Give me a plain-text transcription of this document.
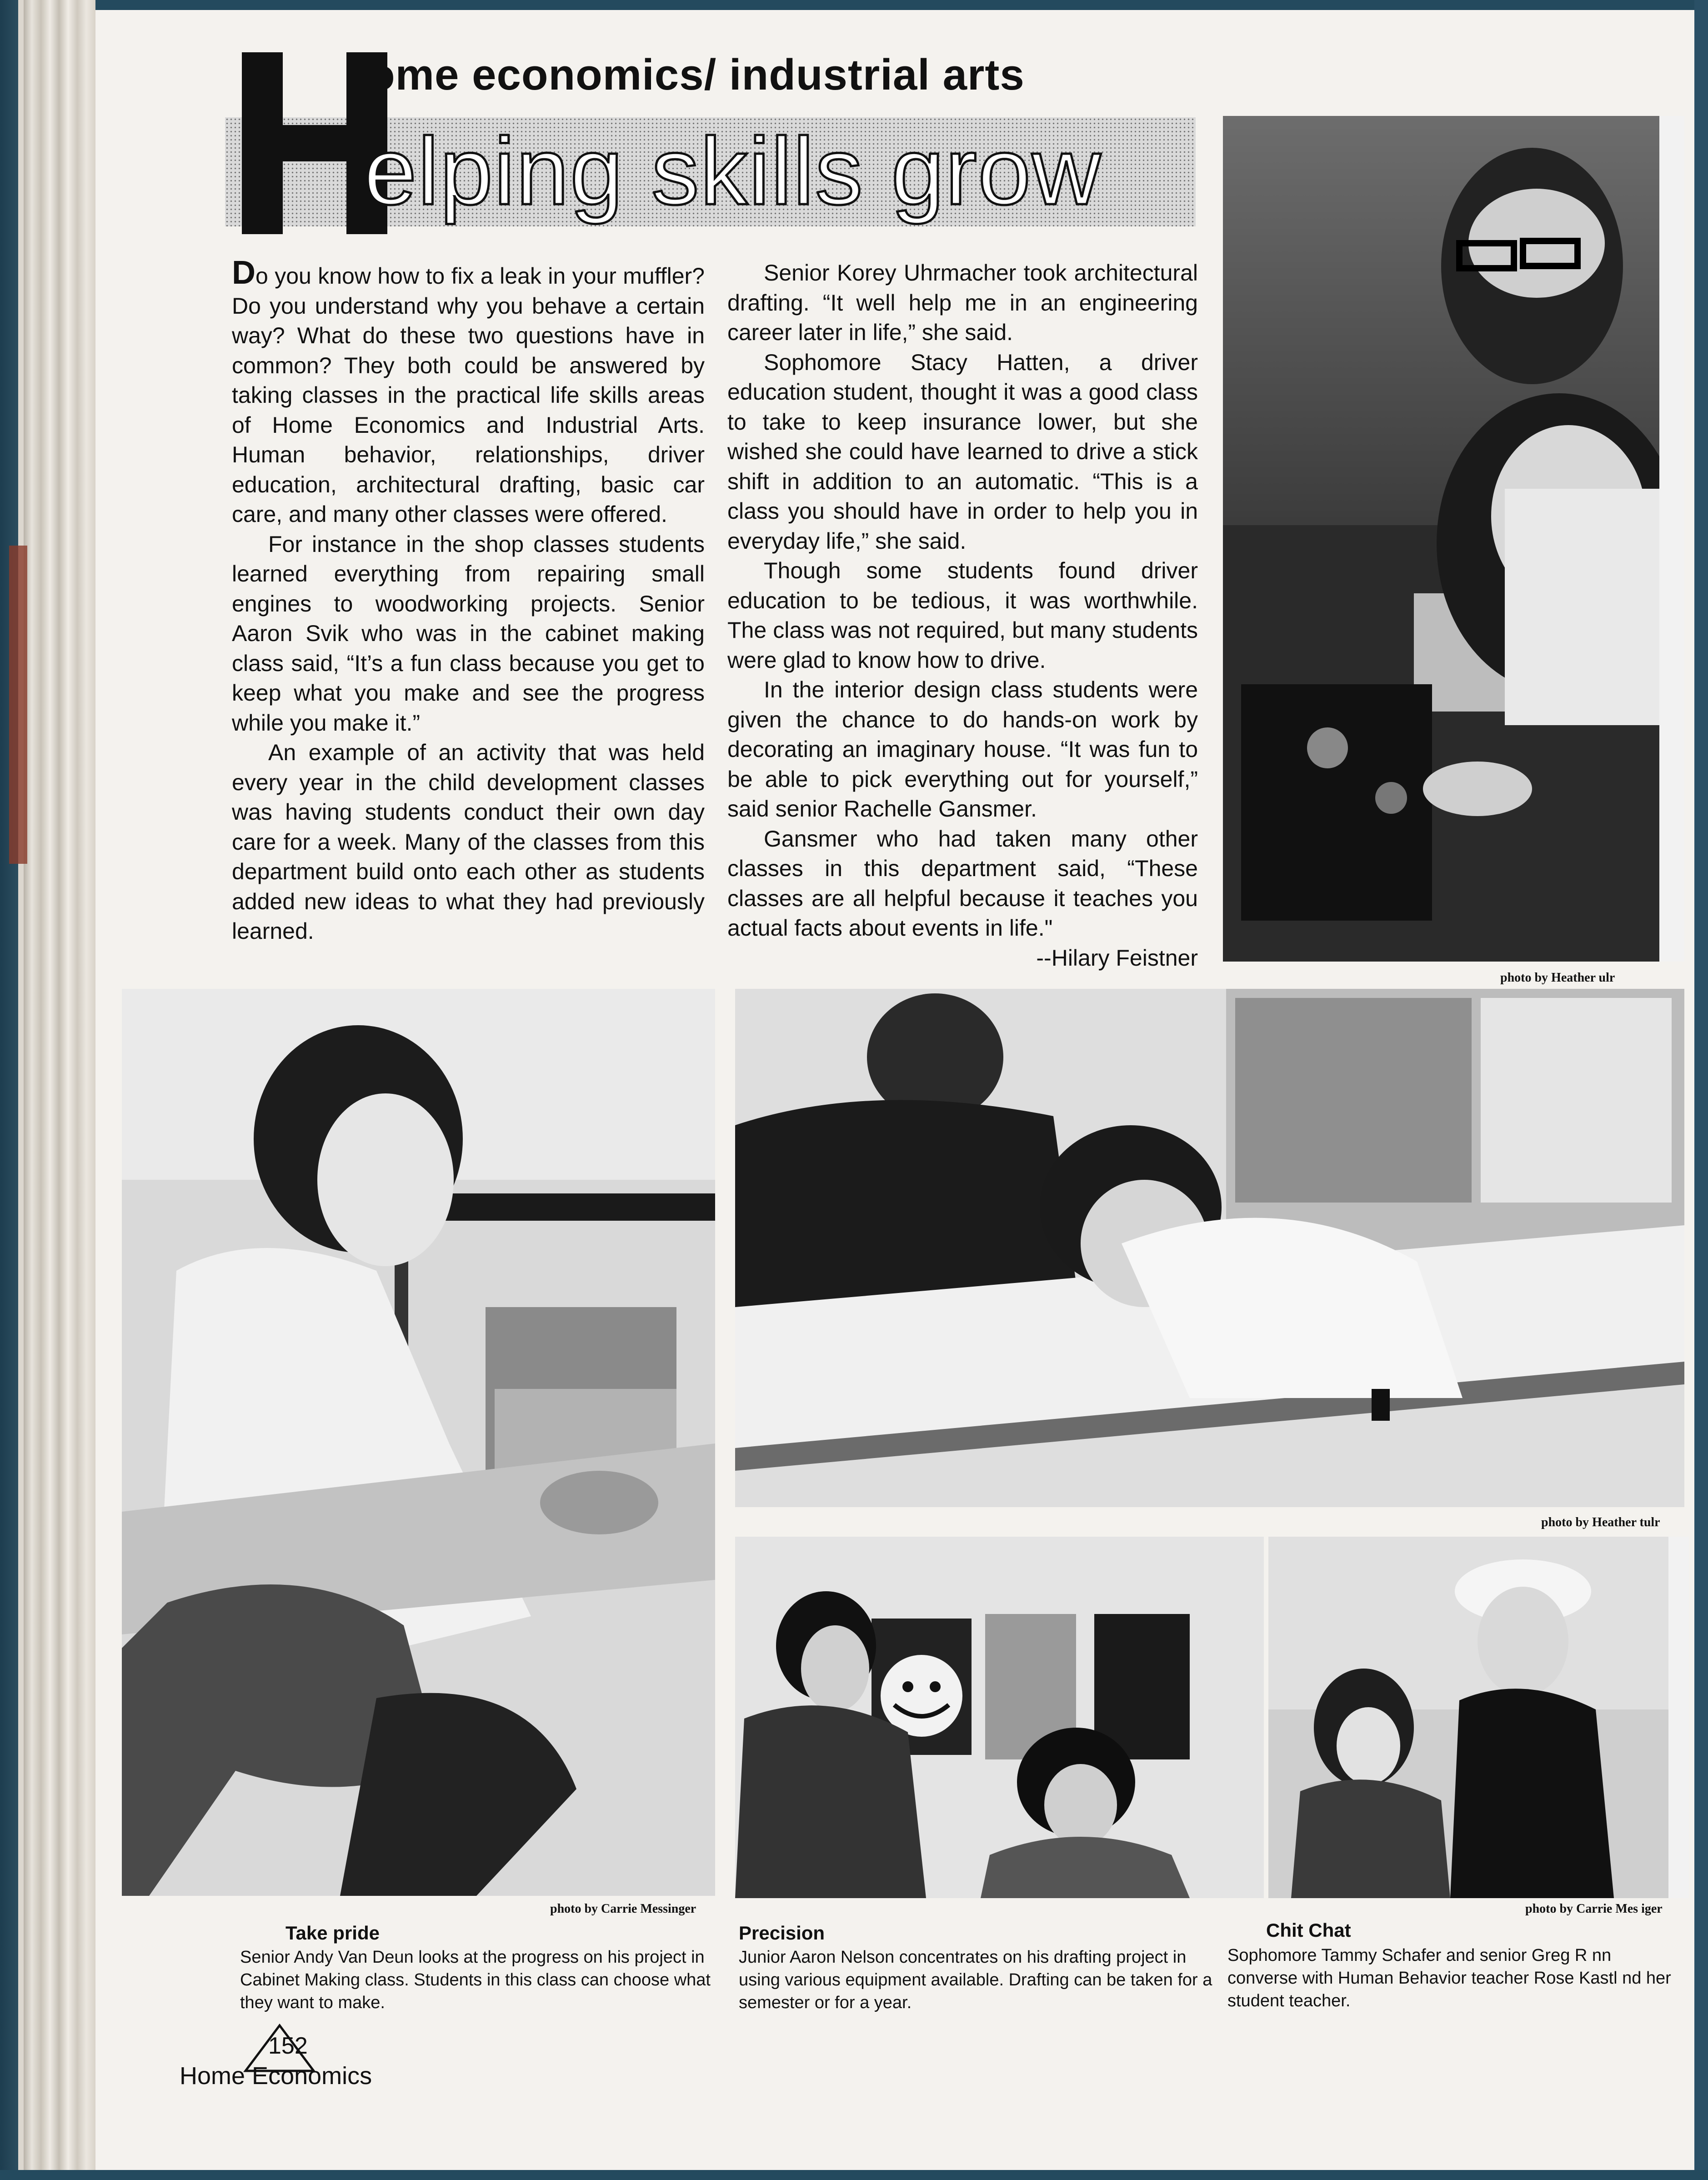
ome economics/ industrial arts
elping skills grow

Do you know how to fix a leak in your muffler? Do you understand why you behave a certain way? What do these two questions have in common? They both could be answered by taking classes in the practical life skills areas of Home Economics and Industrial Arts. Human behavior, relationships, driver education, architectural drafting, basic car care, and many other classes were offered.

For instance in the shop classes students learned everything from repairing small engines to woodworking projects. Senior Aaron Svik who was in the cabinet making class said, “It’s a fun class because you get to keep what you make and see the progress while you make it.”

An example of an activity that was held every year in the child development classes was having students conduct their own day care for a week. Many of the classes from this department build onto each other as students added new ideas to what they had previously learned.

Senior Korey Uhrmacher took architectural drafting. “It well help me in an engineering career later in life,” she said.

Sophomore Stacy Hatten, a driver education student, thought it was a good class to take to keep insurance lower, but she wished she could have learned to drive a stick shift in addition to an automatic. “This is a class you should have in order to help you in everyday life,” she said.

Though some students found driver education to be tedious, it was worthwhile. The class was not required, but many students were glad to know how to drive.

In the interior design class students were given the chance to do hands-on work by decorating an imaginary house. “It was fun to be able to pick everything out for yourself,” said senior Rachelle Gansmer.

Gansmer who had taken many other classes in this department said, “These classes are all helpful because it teaches you actual facts about events in life."

--Hilary Feistner

photo by Heather ulr
photo by Carrie Messinger
photo by Heather tulr
photo by Carrie Mes iger
Take pride
Senior Andy Van Deun looks at the progress on his project in Cabinet Making class. Students in this class can choose what they want to make.
Precision
Junior Aaron Nelson concentrates on his drafting project in using various equipment available. Drafting can be taken for a semester or for a year.
Chit Chat
Sophomore Tammy Schafer and senior Greg R nn converse with Human Behavior teacher Rose Kastl nd her student teacher.
152
Home Economics
